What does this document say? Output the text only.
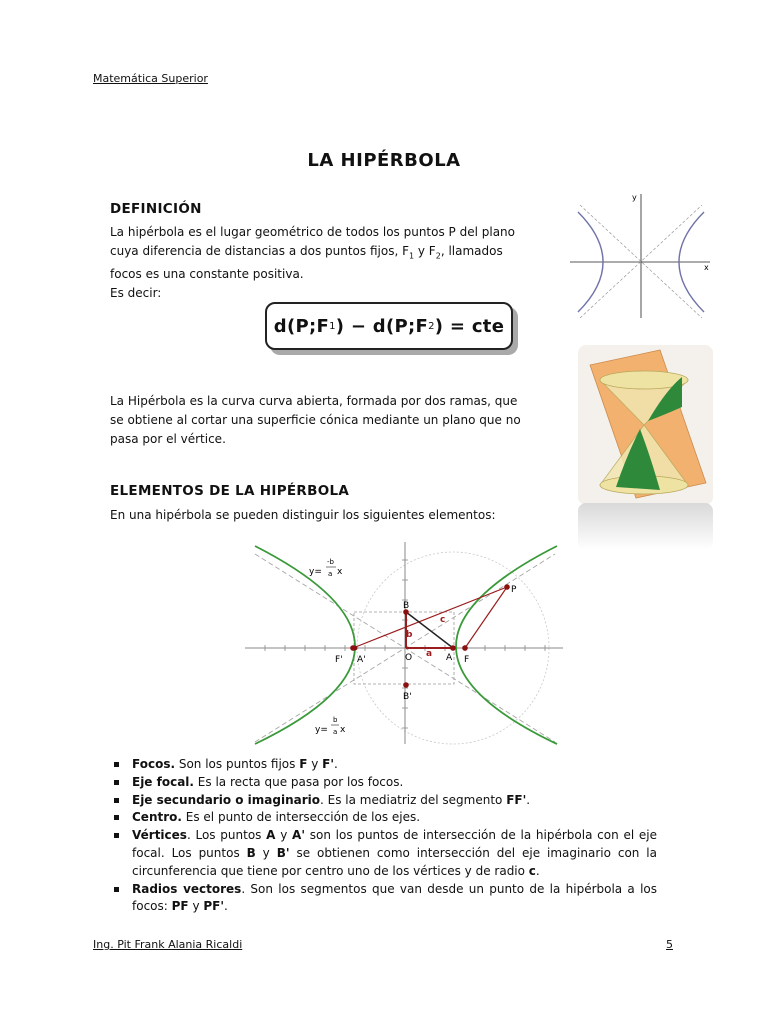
Matemática Superior
LA HIPÉRBOLA
DEFINICIÓN
La hipérbola es el lugar geométrico de todos los puntos P del plano
cuya diferencia de distancias a dos puntos fijos, $F_1$ y $F_2$, llamados
focos es una constante positiva.
Es decir:
d(P;F 1 ) − d(P;F 2 ) = cte
y
x
La Hipérbola es la curva curva abierta, formada por dos ramas, que
se obtiene al cortar una superficie cónica mediante un plano que no
pasa por el vértice.
ELEMENTOS DE LA HIPÉRBOLA
En una hipérbola se pueden distinguir los siguientes elementos:
y=
-b
a x
y=
b
a x
P
B
b
c
F' A'	O a A F
B'
Focos. Son los puntos fijos F y F'.
Eje focal. Es la recta que pasa por los focos.
Eje secundario o imaginario. Es la mediatriz del segmento FF'.
Centro. Es el punto de intersección de los ejes.
Vértices. Los puntos A y A' son los puntos de intersección de la hipérbola con el eje focal. Los puntos B y B' se obtienen como intersección del eje imaginario con la circunferencia que tiene por centro uno de los vértices y de radio c.
Radios vectores. Son los segmentos que van desde un punto de la hipérbola a los focos: PF y PF'.
Ing. Pit Frank Alania Ricaldi	5
